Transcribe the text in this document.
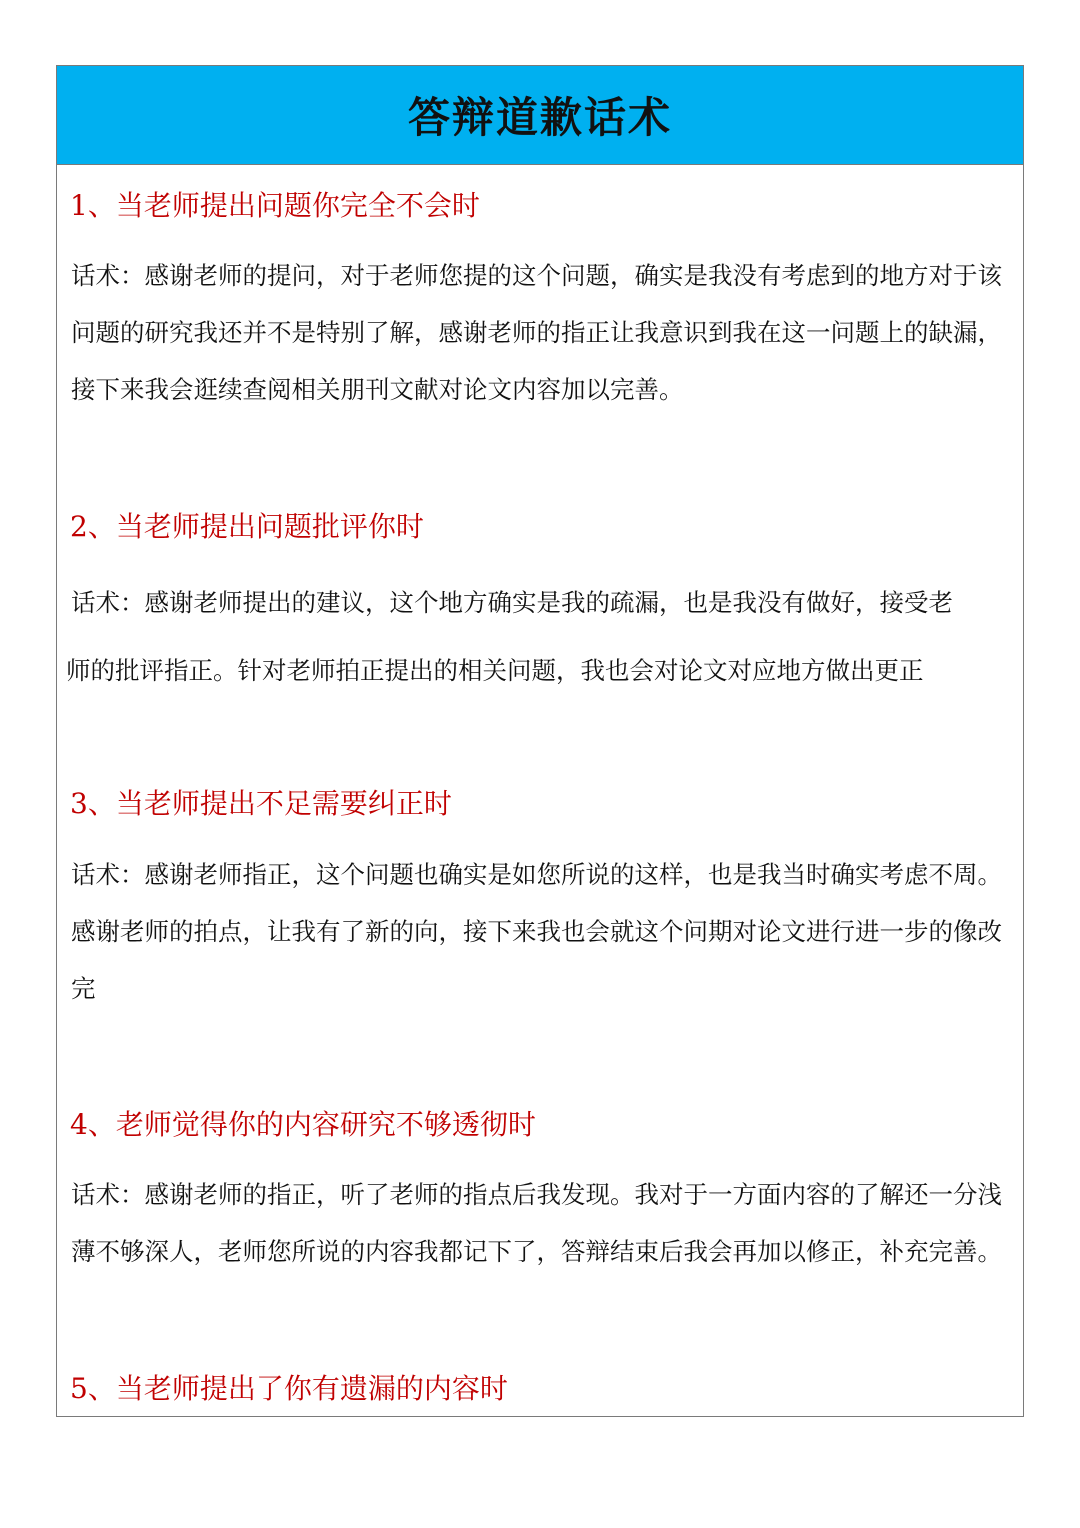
答辩道歉话术
1、当老师提出问题你完全不会时
话术：感谢老师的提问，对于老师您提的这个问题，确实是我没有考虑到的地方对于该
问题的研究我还并不是特别了解，感谢老师的指正让我意识到我在这一问题上的缺漏，
接下来我会逛续查阅相关朋刊文献对论文内容加以完善。
2、当老师提出问题批评你时
话术：感谢老师提出的建议，这个地方确实是我的疏漏，也是我没有做好，接受老
师的批评指正。针对老师拍正提出的相关问题，我也会对论文对应地方做出更正
3、当老师提出不足需要纠正时
话术：感谢老师指正，这个问题也确实是如您所说的这样，也是我当时确实考虑不周。
感谢老师的拍点，让我有了新的向，接下来我也会就这个问期对论文进行进一步的像改
完
4、老师觉得你的内容研究不够透彻时
话术：感谢老师的指正，听了老师的指点后我发现。我对于一方面内容的了解还一分浅
薄不够深人，老师您所说的内容我都记下了，答辩结束后我会再加以修正，补充完善。
5、当老师提出了你有遗漏的内容时
